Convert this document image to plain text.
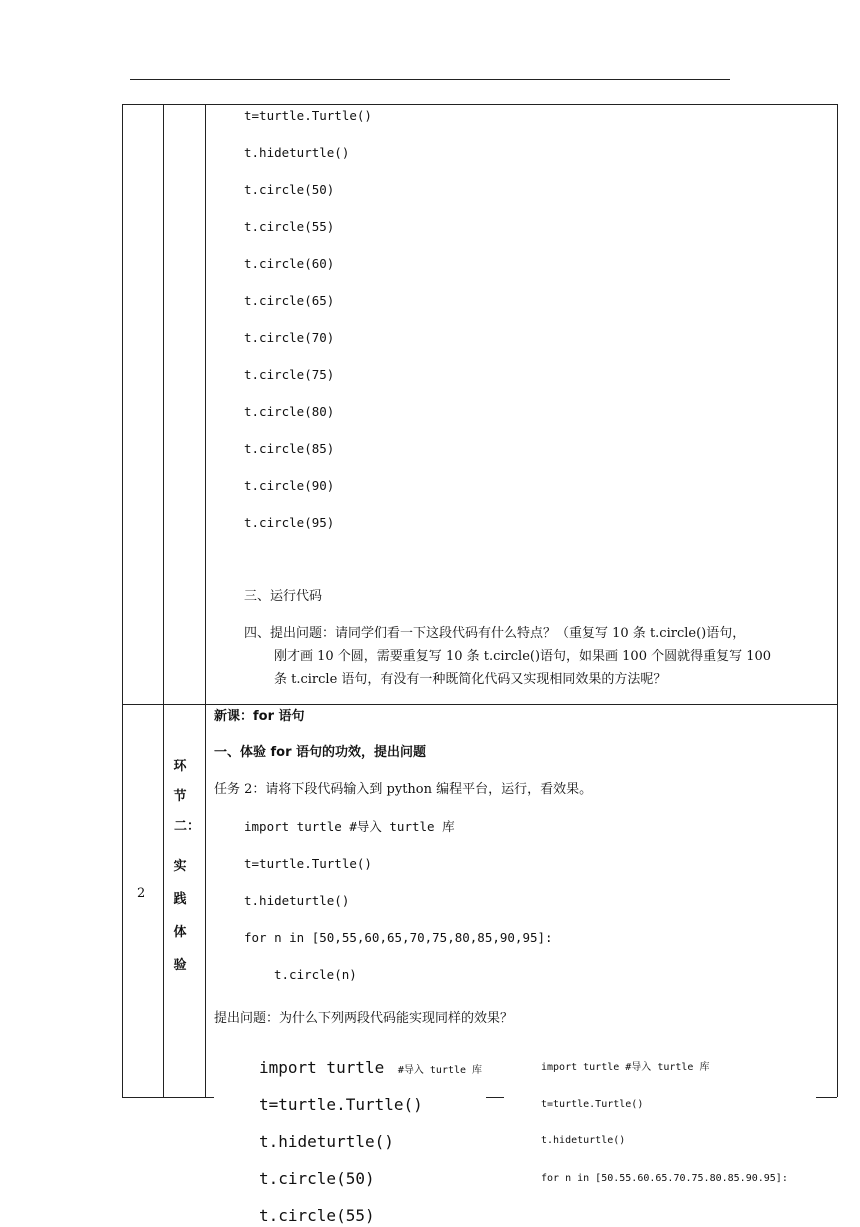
t=turtle.Turtle()
t.hideturtle()
t.circle(50)
t.circle(55)
t.circle(60)
t.circle(65)
t.circle(70)
t.circle(75)
t.circle(80)
t.circle(85)
t.circle(90)
t.circle(95)
三、运行代码
四、提出问题：请同学们看一下这段代码有什么特点？（重复写 10 条 t.circle()语句，
刚才画 10 个圆，需要重复写 10 条 t.circle()语句，如果画 100 个圆就得重复写 100
条 t.circle 语句，有没有一种既简化代码又实现相同效果的方法呢？
2
环
节
二：
实
践
体
验
新课：for 语句
一、体验 for 语句的功效，提出问题
任务 2：请将下段代码输入到 python 编程平台，运行，看效果。
import turtle #导入 turtle 库
t=turtle.Turtle()
t.hideturtle()
for n in [50,55,60,65,70,75,80,85,90,95]:
t.circle(n)
提出问题：为什么下列两段代码能实现同样的效果？
import turtle #导入 turtle 库
t=turtle.Turtle()
t.hideturtle()
t.circle(50)
t.circle(55)
import turtle #导入 turtle 库
t=turtle.Turtle()
t.hideturtle()
for n in [50.55.60.65.70.75.80.85.90.95]:
